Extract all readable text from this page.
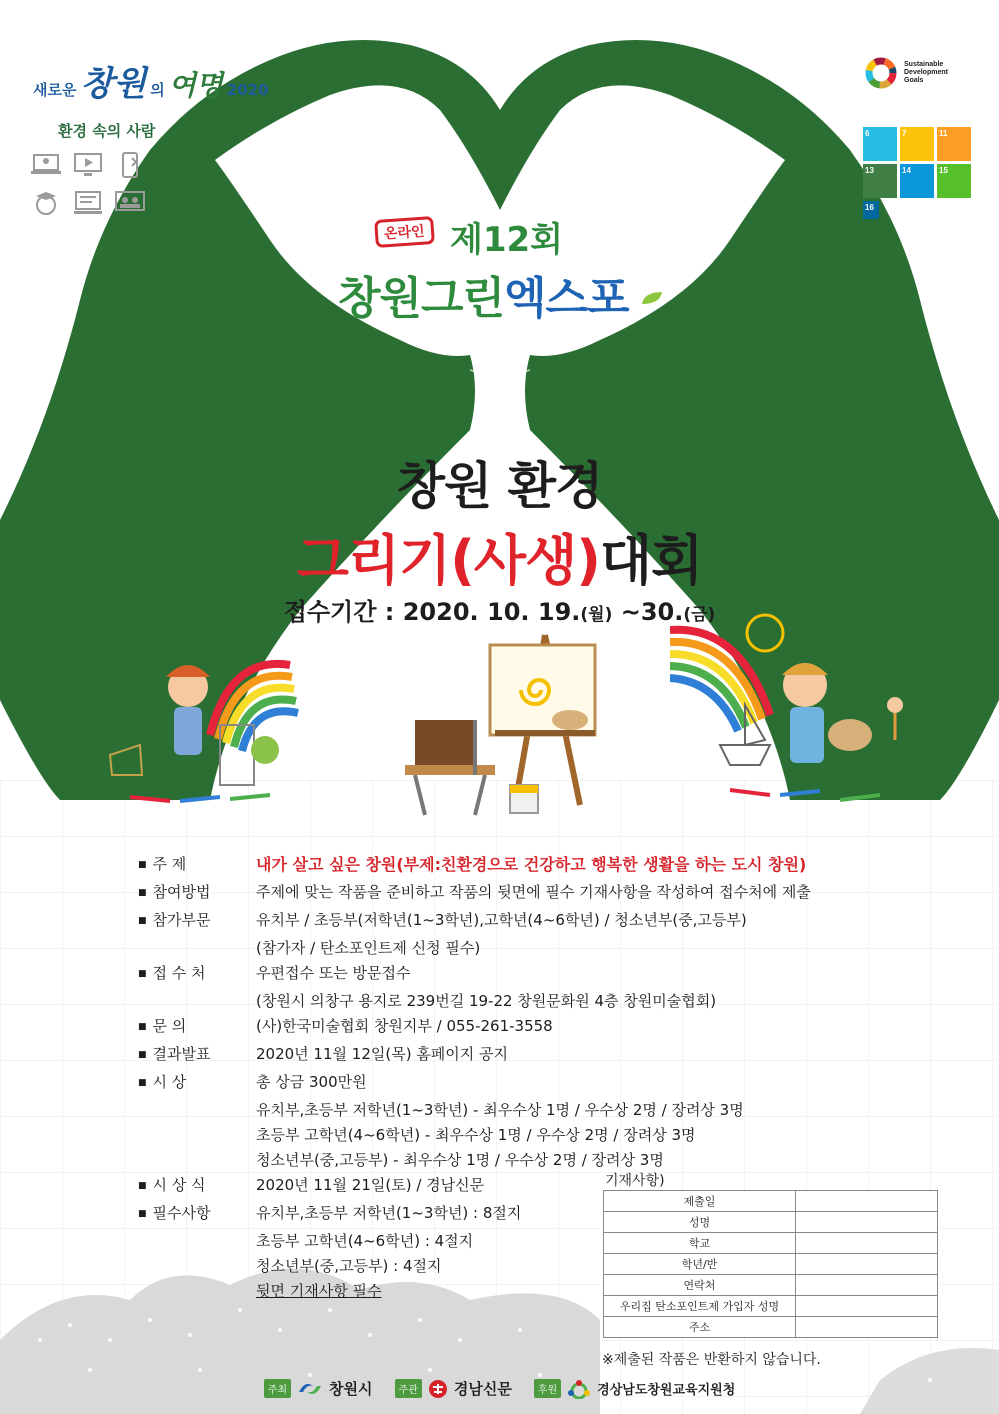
새로운 창원 의 여명 2020
환경 속의 사람
Sustainable
Development
Goals
6	7	11
13	14	15
16
온라인 제12회
창원그린엑스포
창원 환경
그리기(사생)대회
접수기간 : 2020. 10. 19.(월) ~30.(금)
■ 주 제	내가 살고 싶은 창원(부제:친환경으로 건강하고 행복한 생활을 하는 도시 창원)
■ 참여방법	주제에 맞는 작품을 준비하고 작품의 뒷면에 필수 기재사항을 작성하여 접수처에 제출
■ 참가부문	유치부 / 초등부(저학년(1~3학년),고학년(4~6학년) / 청소년부(중,고등부)
(참가자 / 탄소포인트제 신청 필수)
■ 접 수 처	우편접수 또는 방문접수
(창원시 의창구 용지로 239번길 19-22 창원문화원 4층 창원미술협회)
■ 문 의	(사)한국미술협회 창원지부 / 055-261-3558
■ 결과발표	2020년 11월 12일(목) 홈페이지 공지
■ 시 상	총 상금 300만원
유치부,초등부 저학년(1~3학년) - 최우수상 1명 / 우수상 2명 / 장려상 3명
초등부 고학년(4~6학년) - 최우수상 1명 / 우수상 2명 / 장려상 3명
청소년부(중,고등부) - 최우수상 1명 / 우수상 2명 / 장려상 3명
■ 시 상 식	2020년 11월 21일(토) / 경남신문
■ 필수사항	유치부,초등부 저학년(1~3학년) : 8절지
초등부 고학년(4~6학년) : 4절지
청소년부(중,고등부) : 4절지
뒷면 기재사항 필수
기재사항)
제출일	
성명	
학교	
학년/반	
연락처	
우리집 탄소포인트제 가입자 성명	
주소	
※제출된 작품은 반환하지 않습니다.
주최	창원시	주관 경남신문	후원	경상남도창원교육지원청
